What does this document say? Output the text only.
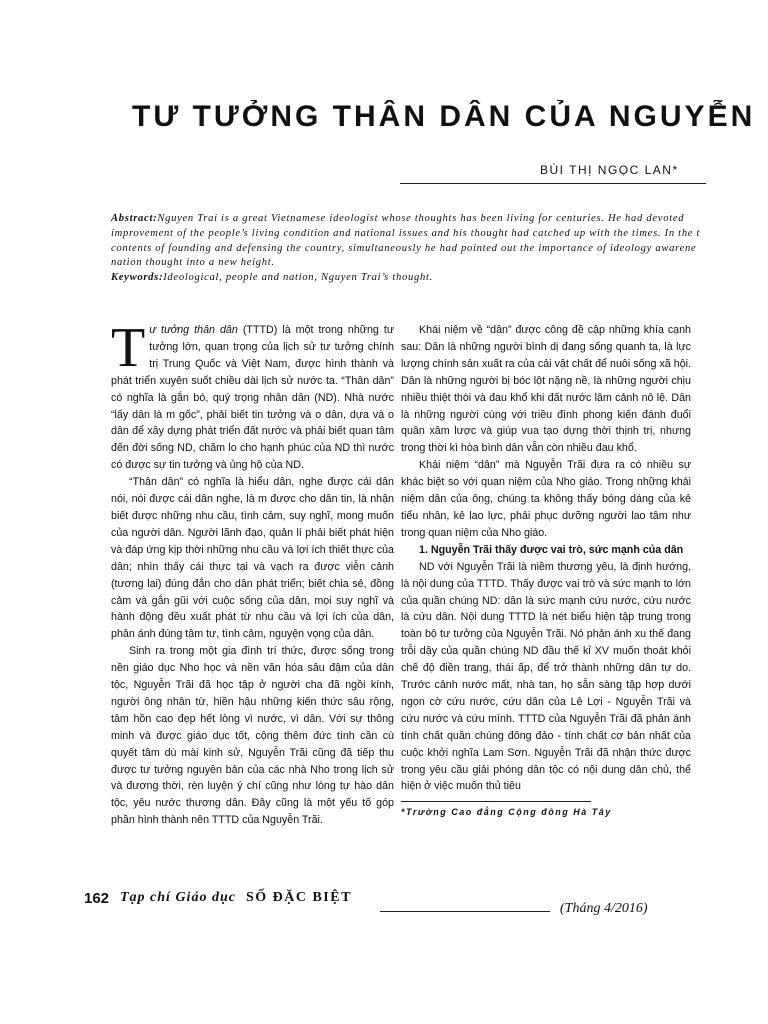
TƯ TƯỞNG THÂN DÂN CỦA NGUYỄN
BÙI THỊ NGỌC LAN*

Abstract:Nguyen Trai is a great Vietnamese ideologist whose thoughts has been living for centuries. He had devoted

improvement of the people’s living condition and national issues and his thought had catched up with the times. In the t

contents of founding and defensing the country, simultaneously he had pointed out the importance of ideology awarene

nation thought into a new height.

Keywords:Ideological, people and nation, Nguyen Trai’s thought.

Tư tưởng thân dân (TTTD) là một trong những tư tưởng lớn, quan trọng của lịch sử tư tưởng chính trị Trung Quốc và Việt Nam, được hình thành và phát triển xuyên suốt chiều dài lịch sử nước ta. “Thân dân” có nghĩa là gắn bó, quý trọng nhân dân (ND). Nhà nước “lấy dân là m gốc”, phải biết tin tưởng và o dân, dựa và o dân để xây dựng phát triển đất nước và phải biết quan tâm đến đời sống ND, chăm lo cho hạnh phúc của ND thì nước có được sự tin tưởng và ủng hộ của ND.

“Thân dân” có nghĩa là hiểu dân, nghe được cái dân nói, nói được cái dân nghe, là m được cho dân tin, là nhận biết được những nhu cầu, tình cảm, suy nghĩ, mong muốn của người dân. Người lãnh đạo, quản lí phải biết phát hiện và đáp ứng kịp thời những nhu cầu và lợi ích thiết thực của dân; nhìn thấy cái thực tại và vạch ra được viễn cảnh (tương lai) đúng đắn cho dân phát triển; biết chia sẻ, đồng cảm và gắn gũi với cuộc sống của dân, mọi suy nghĩ và hành động đều xuất phát từ nhu cầu và lợi ích của dân, phản ánh đúng tâm tư, tình cảm, nguyện vọng của dân.

Sinh ra trong một gia đình trí thức, được sống trong nền giáo dục Nho học và nền văn hóa sâu đậm của dân tộc, Nguyễn Trãi đã học tập ở người cha đã ngồi kính, người ông nhân từ, hiền hậu những kiến thức sâu rộng, tâm hồn cao đẹp hết lòng vì nước, vì dân. Với sự thông minh và được giáo dục tốt, cộng thêm đức tính cần cù quyết tâm dù mài kinh sử, Nguyễn Trãi cũng đã tiếp thu được tư tưởng nguyên bản của các nhà Nho trong lịch sử và đương thời, rèn luyện ý chí cũng như lòng tự hào dân tộc, yêu nước thương dân. Đây cũng là một yếu tố góp phần hình thành nên TTTD của Nguyễn Trãi.

Khái niệm về “dân” được công đề cập những khía cạnh sau: Dân là những người bình dị đang sống quanh ta, là lực lượng chính sản xuất ra của cải vật chất để nuôi sống xã hội. Dân là những người bị bóc lột nặng nề, là những người chịu nhiều thiệt thòi và đau khổ khi đất nước lâm cảnh nô lệ. Dân là những người cùng với triều đình phong kiến đánh đuổi quân xâm lược và giúp vua tạo dựng thời thịnh trị, nhưng trong thời kì hòa bình dân vẫn còn nhiều đau khổ.

Khái niệm “dân” mà Nguyễn Trãi đưa ra có nhiều sự khác biệt so với quan niệm của Nho giáo. Trong những khái niệm dân của ông, chúng ta không thấy bóng dáng của kẻ tiểu nhân, kẻ lao lực, phải phục dưỡng người lao tâm như trong quan niệm của Nho giáo.

1. Nguyễn Trãi thấy được vai trò, sức mạnh của dân

ND với Nguyễn Trãi là niềm thương yêu, là định hướng, là nội dung của TTTD. Thấy được vai trò và sức mạnh to lớn của quần chúng ND: dân là sức mạnh cứu nước, cứu nước là cứu dân. Nội dung TTTD là nét biểu hiện tập trung trong toàn bộ tư tưởng của Nguyễn Trãi. Nó phản ánh xu thế đang trỗi dậy của quần chúng ND đầu thế kỉ XV muốn thoát khỏi chế độ điền trang, thái ấp, để trở thành những dân tự do. Trước cảnh nước mất, nhà tan, họ sẵn sàng tập hợp dưới ngọn cờ cứu nước, cứu dân của Lê Lợi - Nguyễn Trãi và cứu nước và cứu mình. TTTD của Nguyễn Trãi đã phản ánh tính chất quần chúng đông đảo - tính chất cơ bản nhất của cuộc khởi nghĩa Lam Sơn. Nguyễn Trãi đã nhận thức được trong yêu cầu giải phóng dân tộc có nội dung dân chủ, thể hiện ở việc muốn thủ tiêu

*Trường Cao đẳng Cộng đồng Hà Tây
162 Tạp chí Giáo dục SỐ ĐẶC BIỆT
(Tháng 4/2016)
